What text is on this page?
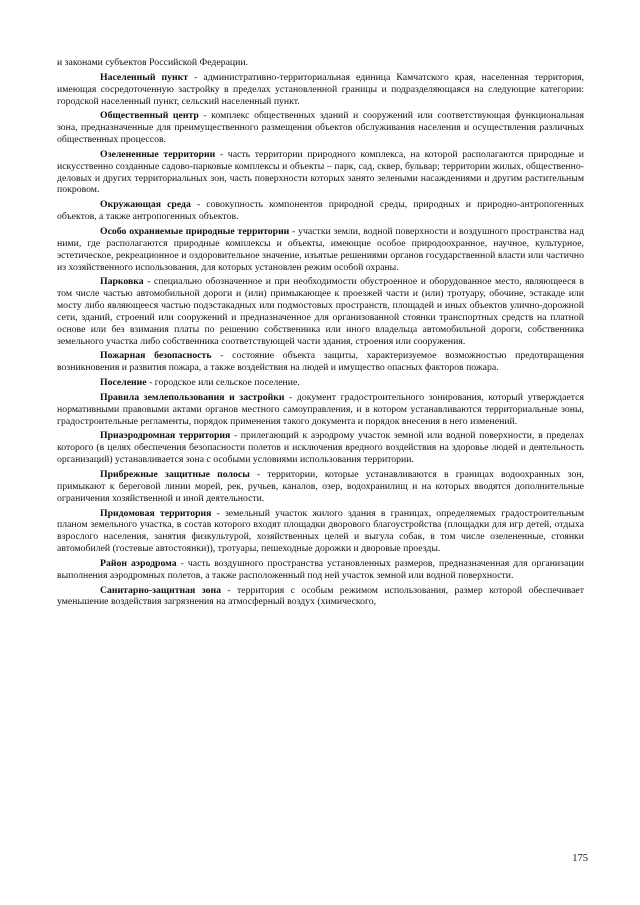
и законами субъектов Российской Федерации.

Населенный пункт - административно-территориальная единица Камчатского края, населенная территория, имеющая сосредоточенную застройку в пределах установленной границы и подразделяющаяся на следующие категории: городской населенный пункт, сельский населенный пункт.

Общественный центр - комплекс общественных зданий и сооружений или соответствующая функциональная зона, предназначенные для преимущественного размещения объектов обслуживания населения и осуществления различных общественных процессов.

Озелененные территории - часть территории природного комплекса, на которой располагаются природные и искусственно созданные садово-парковые комплексы и объекты – парк, сад, сквер, бульвар; территории жилых, общественно-деловых и других территориальных зон, часть поверхности которых занято зелеными насаждениями и другим растительным покровом.

Окружающая среда - совокупность компонентов природной среды, природных и природно-антропогенных объектов, а также антропогенных объектов.

Особо охраняемые природные территории - участки земли, водной поверхности и воздушного пространства над ними, где располагаются природные комплексы и объекты, имеющие особое природоохранное, научное, культурное, эстетическое, рекреационное и оздоровительное значение, изъятые решениями органов государственной власти или частично из хозяйственного использования, для которых установлен режим особой охраны.

Парковка - специально обозначенное и при необходимости обустроенное и оборудованное место, являющееся в том числе частью автомобильной дороги и (или) примыкающее к проезжей части и (или) тротуару, обочине, эстакаде или мосту либо являющееся частью подэстакадных или подмостовых пространств, площадей и иных объектов улично-дорожной сети, зданий, строений или сооружений и предназначенное для организованной стоянки транспортных средств на платной основе или без взимания платы по решению собственника или иного владельца автомобильной дороги, собственника земельного участка либо собственника соответствующей части здания, строения или сооружения.

Пожарная безопасность - состояние объекта защиты, характеризуемое возможностью предотвращения возникновения и развития пожара, а также воздействия на людей и имущество опасных факторов пожара.

Поселение - городское или сельское поселение.

Правила землепользования и застройки - документ градостроительного зонирования, который утверждается нормативными правовыми актами органов местного самоуправления, и в котором устанавливаются территориальные зоны, градостроительные регламенты, порядок применения такого документа и порядок внесения в него изменений.

Приаэродромная территория - прилегающий к аэродрому участок земной или водной поверхности, в пределах которого (в целях обеспечения безопасности полетов и исключения вредного воздействия на здоровье людей и деятельность организаций) устанавливается зона с особыми условиями использования территории.

Прибрежные защитные полосы - территории, которые устанавливаются в границах водоохранных зон, примыкают к береговой линии морей, рек, ручьев, каналов, озер, водохранилищ и на которых вводятся дополнительные ограничения хозяйственной и иной деятельности.

Придомовая территория - земельный участок жилого здания в границах, определяемых градостроительным планом земельного участка, в состав которого входят площадки дворового благоустройства (площадки для игр детей, отдыха взрослого населения, занятия физкультурой, хозяйственных целей и выгула собак, в том числе озелененные, стоянки автомобилей (гостевые автостоянки)), тротуары, пешеходные дорожки и дворовые проезды.

Район аэродрома - часть воздушного пространства установленных размеров, предназначенная для организации выполнения аэродромных полетов, а также расположенный под ней участок земной или водной поверхности.

Санитарно-защитная зона - территория с особым режимом использования, размер которой обеспечивает уменьшение воздействия загрязнения на атмосферный воздух (химического,

175
